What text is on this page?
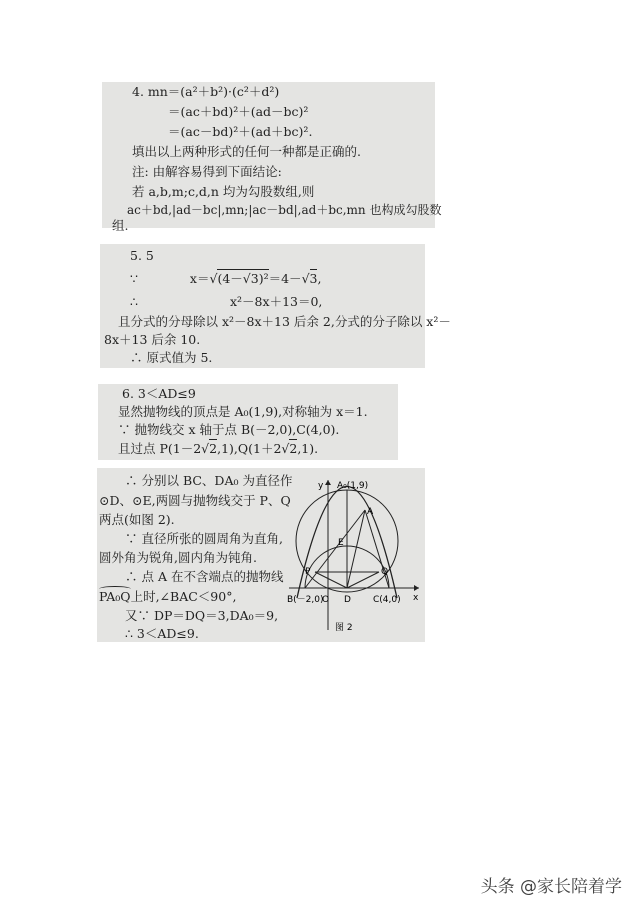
4. mn＝(a²＋b²)·(c²＋d²)
＝(ac＋bd)²＋(ad－bc)²
＝(ac－bd)²＋(ad＋bc)².
填出以上两种形式的任何一种都是正确的.
注: 由解容易得到下面结论:
若 a,b,m;c,d,n 均为勾股数组,则
ac＋bd,|ad－bc|,mn;|ac－bd|,ad＋bc,mn 也构成勾股数
组.
5. 5
∵	x＝√(4－√3)²＝4－√3,
∴	x²－8x＋13＝0,
且分式的分母除以 x²－8x＋13 后余 2,分式的分子除以 x²－
8x＋13 后余 10.
∴ 原式值为 5.
6. 3＜AD≤9
显然抛物线的顶点是 A₀(1,9),对称轴为 x＝1.
∵ 抛物线交 x 轴于点 B(－2,0),C(4,0).
且过点 P(1－2√2,1),Q(1＋2√2,1).
∴ 分别以 BC、DA₀ 为直径作
⊙D、⊙E,两圆与抛物线交于 P、Q
两点(如图 2).
∵ 直径所张的圆周角为直角,
圆外角为锐角,圆内角为钝角.
∴ 点 A 在不含端点的抛物线
PA₀Q上时,∠BAC＜90°,
又∵ DP＝DQ＝3,DA₀＝9,
∴ 3＜AD≤9.
y
x
A₀(1,9)
A
E
P	Q
B(－2,0)
O D C(4,0)
图 2
头条 @家长陪着学
